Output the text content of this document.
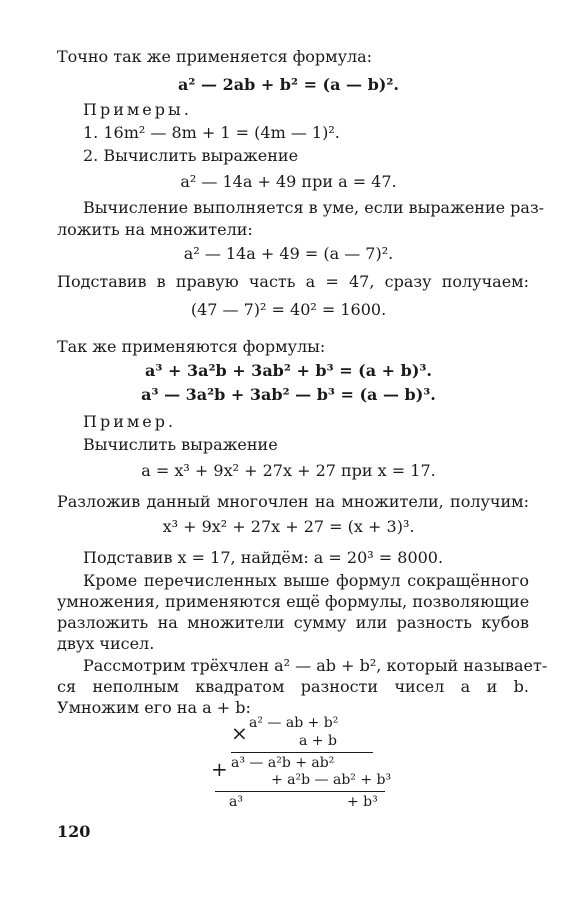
Точно так же применяется формула:
a² — 2ab + b² = (a — b)².
Примеры.
1. 16m² — 8m + 1 = (4m — 1)².
2. Вычислить выражение
a² — 14a + 49 при a = 47.
Вычисление выполняется в уме, если выражение раз-
ложить на множители:
a² — 14a + 49 = (a — 7)².
Подставив в правую часть a = 47, сразу получаем:
(47 — 7)² = 40² = 1600.
Так же применяются формулы:
a³ + 3a²b + 3ab² + b³ = (a + b)³.
a³ — 3a²b + 3ab² — b³ = (a — b)³.
Пример.
Вычислить выражение
a = x³ + 9x² + 27x + 27 при x = 17.
Разложив данный многочлен на множители, получим:
x³ + 9x² + 27x + 27 = (x + 3)³.
Подставив x = 17, найдём: a = 20³ = 8000.
Кроме перечисленных выше формул сокращённого
умножения, применяются ещё формулы, позволяющие
разложить на множители сумму или разность кубов
двух чисел.
Рассмотрим трёхчлен a² — ab + b², который называет-
ся неполным квадратом разности чисел a и b.
Умножим его на a + b:
× a² — ab + b²
a + b
+ a³ — a²b + ab²
+ a²b — ab² + b³
a³	+ b³
120
